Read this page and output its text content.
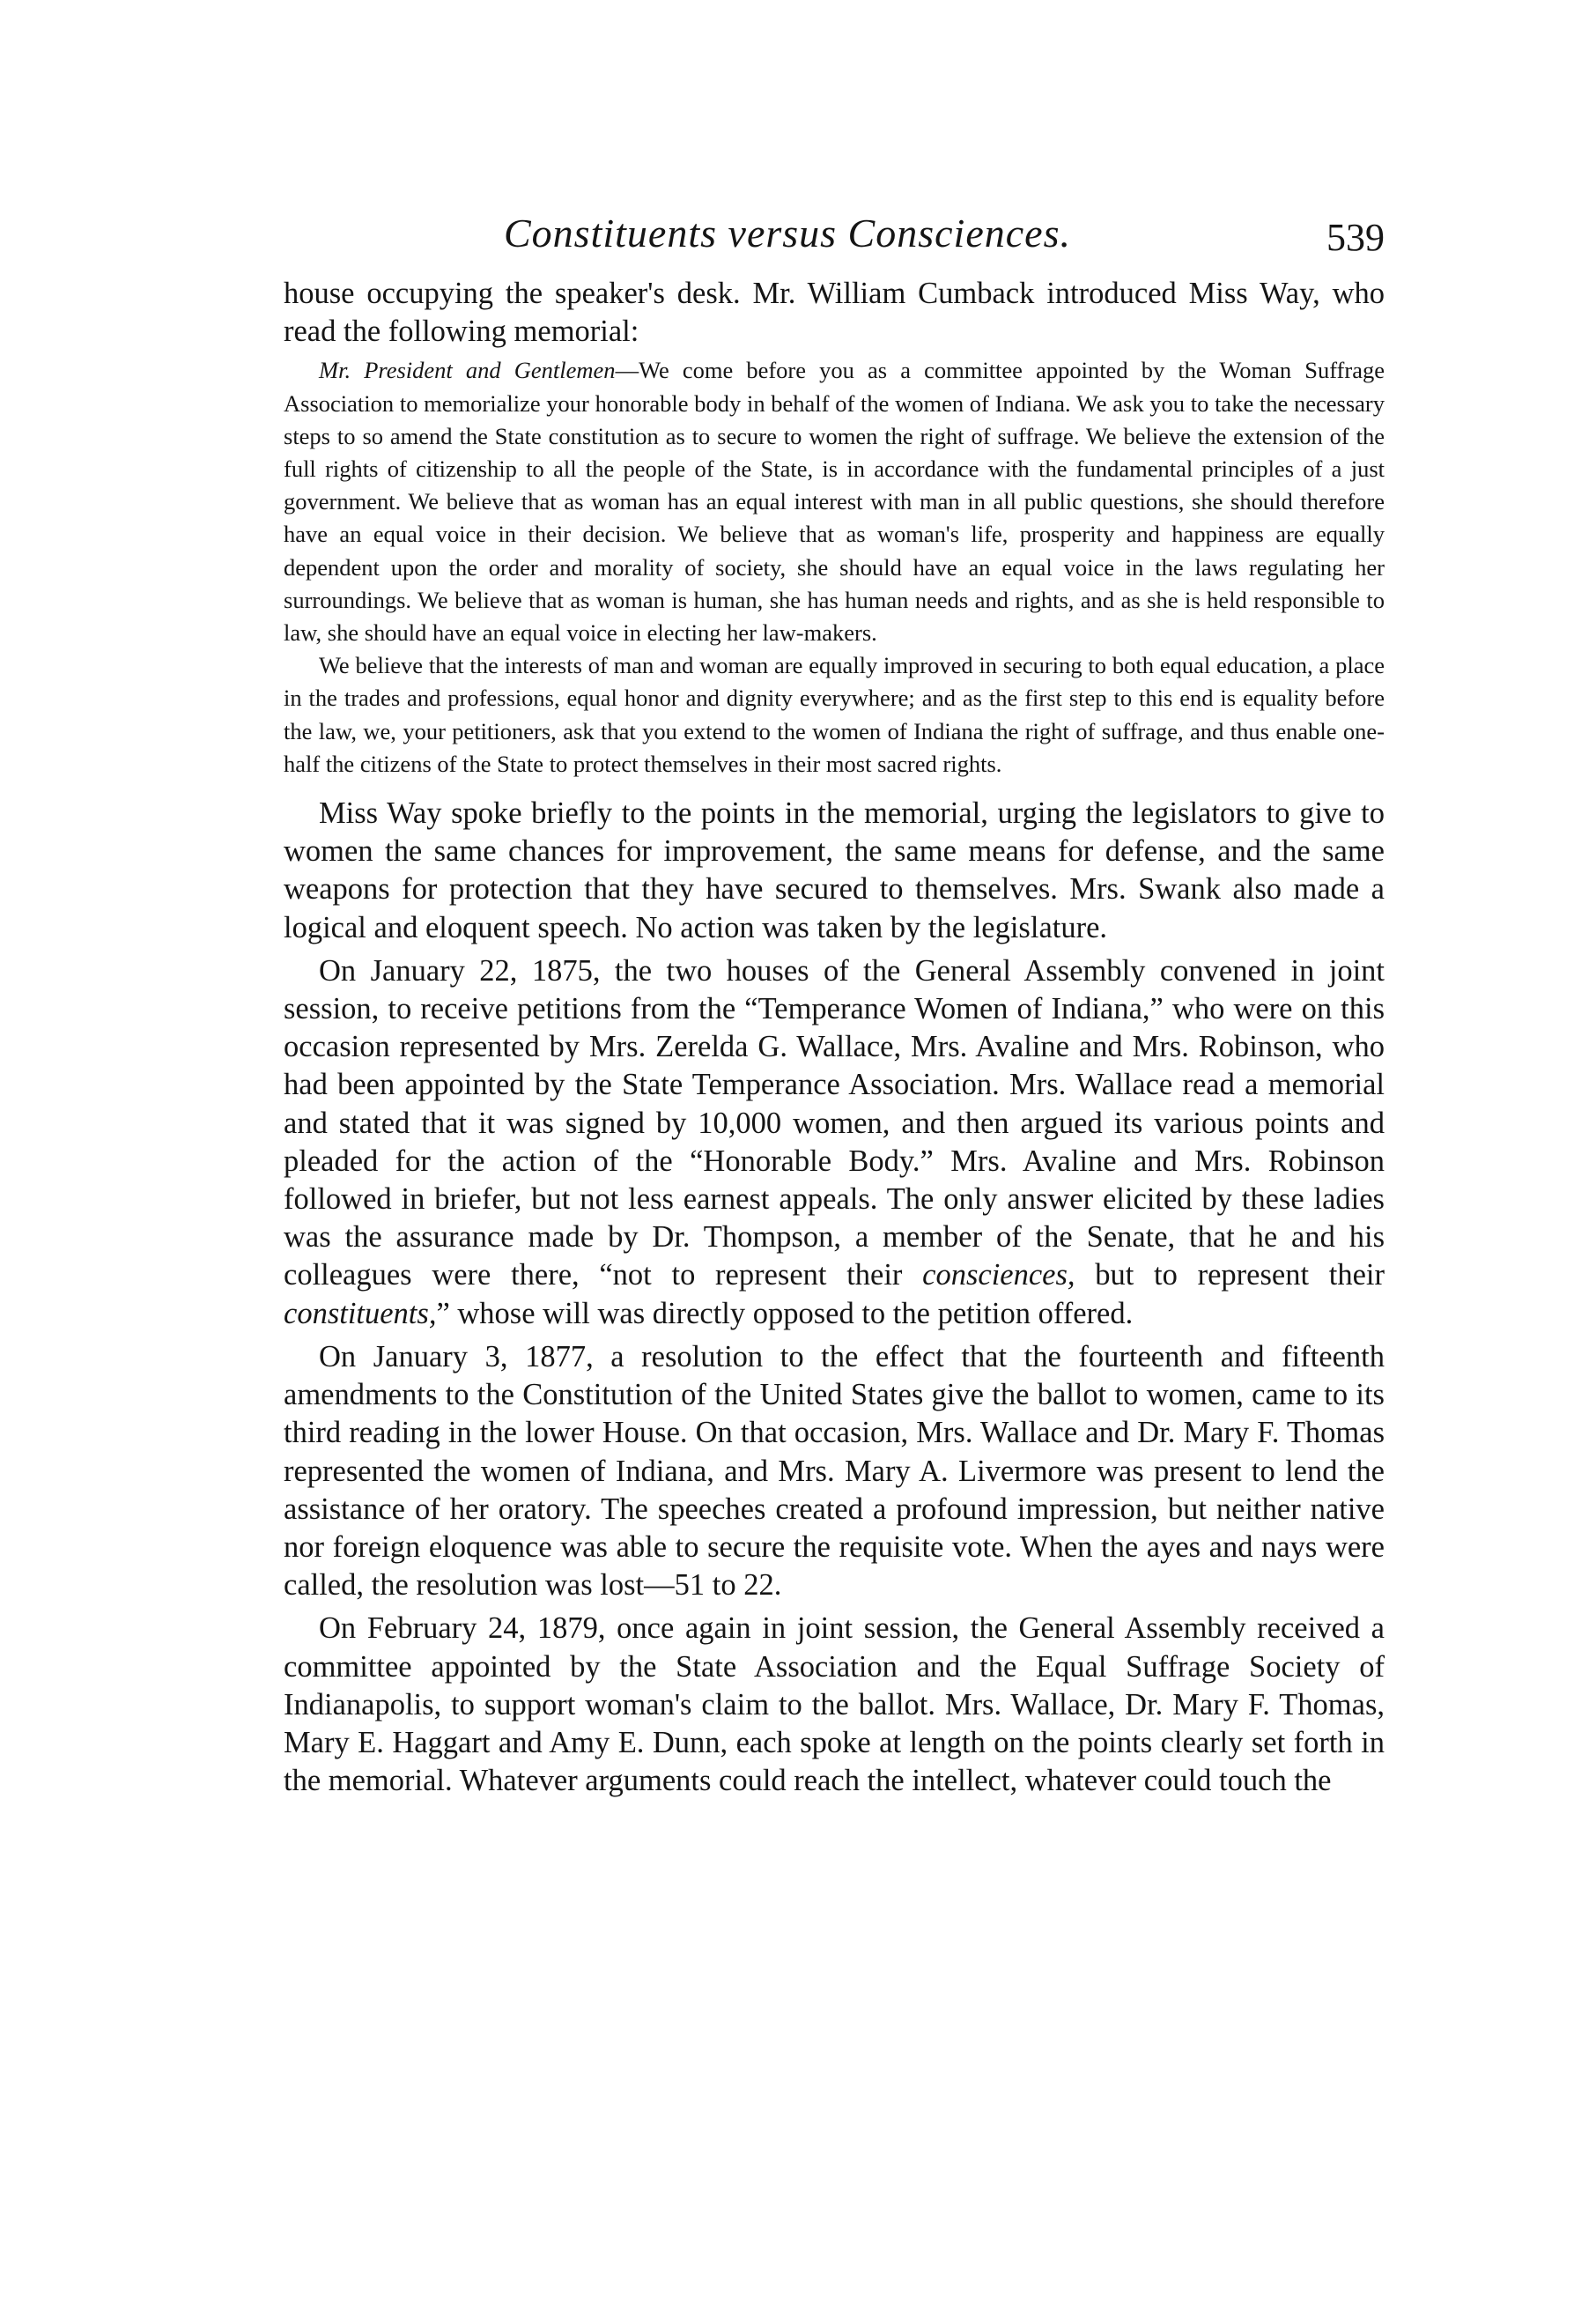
Constituents versus Consciences.	539

house occupying the speaker's desk. Mr. William Cumback introduced Miss Way, who read the following memorial:

Mr. President and Gentlemen—We come before you as a committee appointed by the Woman Suffrage Association to memorialize your honorable body in behalf of the women of Indiana. We ask you to take the necessary steps to so amend the State constitution as to secure to women the right of suffrage. We believe the extension of the full rights of citizenship to all the people of the State, is in accordance with the fundamental principles of a just government. We believe that as woman has an equal interest with man in all public questions, she should therefore have an equal voice in their decision. We believe that as woman's life, prosperity and happiness are equally dependent upon the order and morality of society, she should have an equal voice in the laws regulating her surroundings. We believe that as woman is human, she has human needs and rights, and as she is held responsible to law, she should have an equal voice in electing her law-makers.

We believe that the interests of man and woman are equally improved in securing to both equal education, a place in the trades and professions, equal honor and dignity everywhere; and as the first step to this end is equality before the law, we, your petitioners, ask that you extend to the women of Indiana the right of suffrage, and thus enable one-half the citizens of the State to protect themselves in their most sacred rights.

Miss Way spoke briefly to the points in the memorial, urging the legislators to give to women the same chances for improvement, the same means for defense, and the same weapons for protection that they have secured to themselves. Mrs. Swank also made a logical and eloquent speech. No action was taken by the legislature.

On January 22, 1875, the two houses of the General Assembly convened in joint session, to receive petitions from the “Temperance Women of Indiana,” who were on this occasion represented by Mrs. Zerelda G. Wallace, Mrs. Avaline and Mrs. Robinson, who had been appointed by the State Temperance Association. Mrs. Wallace read a memorial and stated that it was signed by 10,000 women, and then argued its various points and pleaded for the action of the “Honorable Body.” Mrs. Avaline and Mrs. Robinson followed in briefer, but not less earnest appeals. The only answer elicited by these ladies was the assurance made by Dr. Thompson, a member of the Senate, that he and his colleagues were there, “not to represent their consciences, but to represent their constituents,” whose will was directly opposed to the petition offered.

On January 3, 1877, a resolution to the effect that the fourteenth and fifteenth amendments to the Constitution of the United States give the ballot to women, came to its third reading in the lower House. On that occasion, Mrs. Wallace and Dr. Mary F. Thomas represented the women of Indiana, and Mrs. Mary A. Livermore was present to lend the assistance of her oratory. The speeches created a profound impression, but neither native nor foreign eloquence was able to secure the requisite vote. When the ayes and nays were called, the resolution was lost—51 to 22.

On February 24, 1879, once again in joint session, the General Assembly received a committee appointed by the State Association and the Equal Suffrage Society of Indianapolis, to support woman's claim to the ballot. Mrs. Wallace, Dr. Mary F. Thomas, Mary E. Haggart and Amy E. Dunn, each spoke at length on the points clearly set forth in the memorial. Whatever arguments could reach the intellect, whatever could touch the
